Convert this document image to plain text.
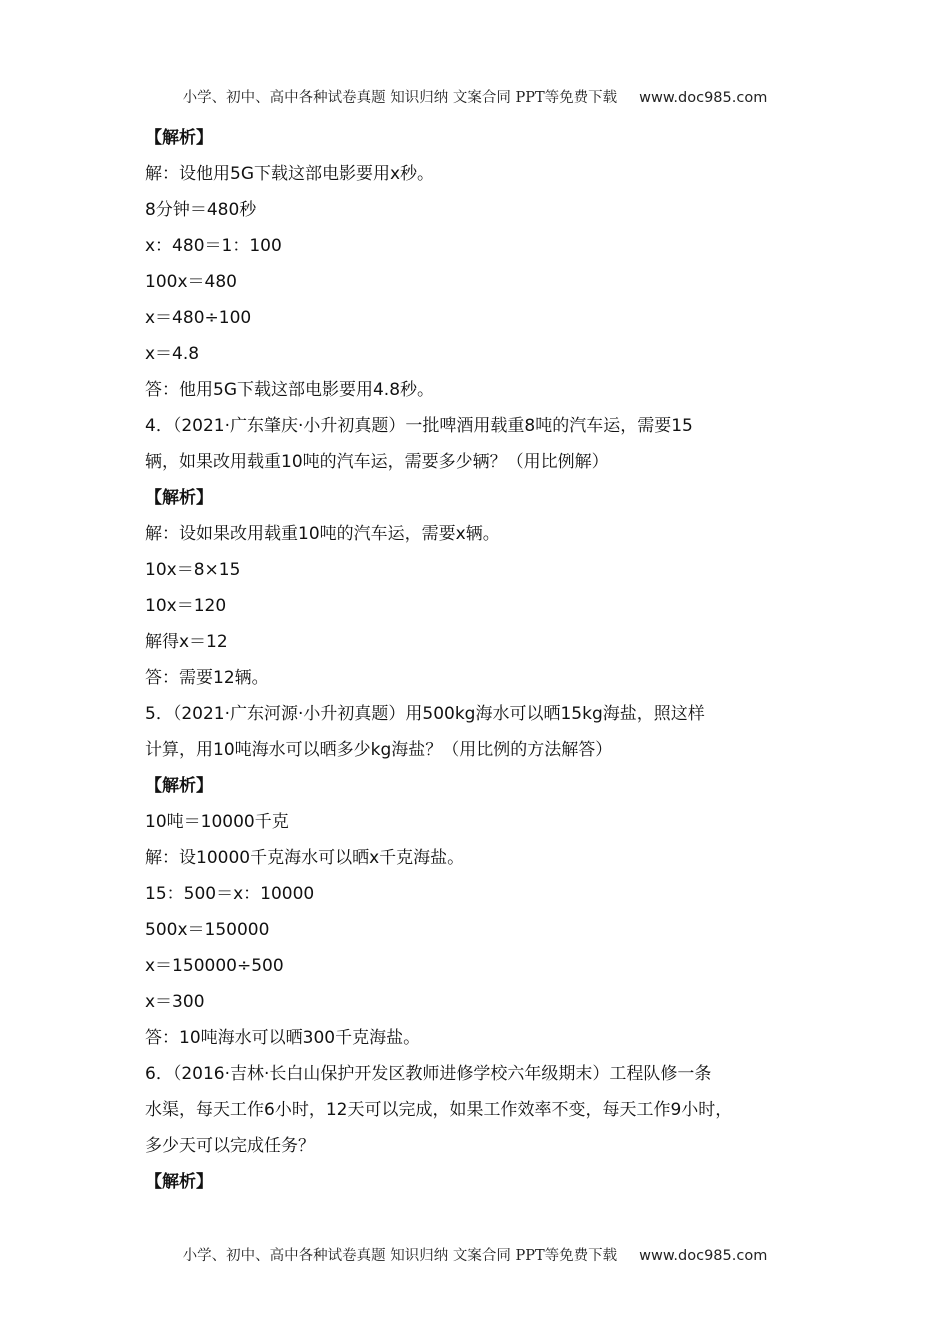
小学、初中、高中各种试卷真题 知识归纳 文案合同 PPT等免费下载 www.doc985.com
【解析】
解：设他用5G下载这部电影要用x秒。
8分钟＝480秒
x：480＝1：100
100x＝480
x＝480÷100
x＝4.8
答：他用5G下载这部电影要用4.8秒。
4．（2021·广东肇庆·小升初真题）一批啤酒用载重8吨的汽车运，需要15
辆，如果改用载重10吨的汽车运，需要多少辆？（用比例解）
【解析】
解：设如果改用载重10吨的汽车运，需要x辆。
10x＝8×15
10x＝120
解得x＝12
答：需要12辆。
5．（2021·广东河源·小升初真题）用500kg海水可以晒15kg海盐，照这样
计算，用10吨海水可以晒多少kg海盐？（用比例的方法解答）
【解析】
10吨＝10000千克
解：设10000千克海水可以晒x千克海盐。
15：500＝x：10000
500x＝150000
x＝150000÷500
x＝300
答：10吨海水可以晒300千克海盐。
6．（2016·吉林·长白山保护开发区教师进修学校六年级期末）工程队修一条
水渠，每天工作6小时，12天可以完成，如果工作效率不变，每天工作9小时，
多少天可以完成任务？
【解析】
小学、初中、高中各种试卷真题 知识归纳 文案合同 PPT等免费下载 www.doc985.com
